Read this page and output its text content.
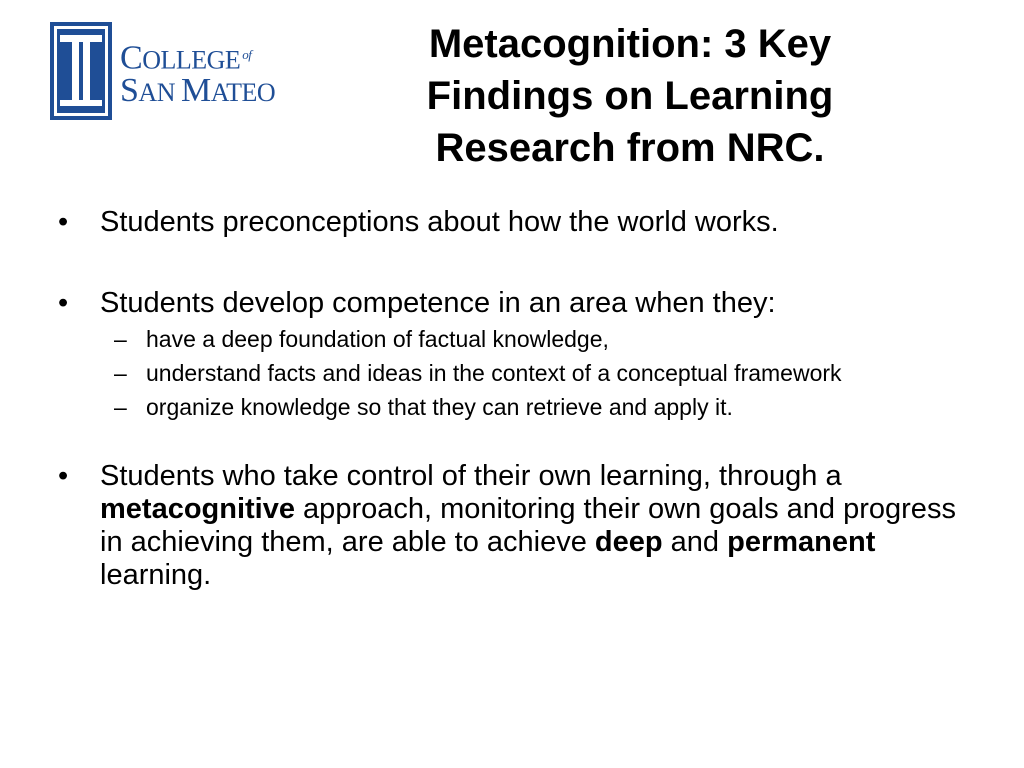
COLLEGE $^{of}$
SAN MATEO
Metacognition: 3 Key
Findings on Learning
Research from NRC.
• Students preconceptions about how the world works.
• Students develop competence in an area when they:
– have a deep foundation of factual knowledge,
– understand facts and ideas in the context of a conceptual framework
– organize knowledge so that they can retrieve and apply it.
• Students who take control of their own learning, through a metacognitive approach, monitoring their own goals and progress in achieving them, are able to achieve deep and permanent learning.
